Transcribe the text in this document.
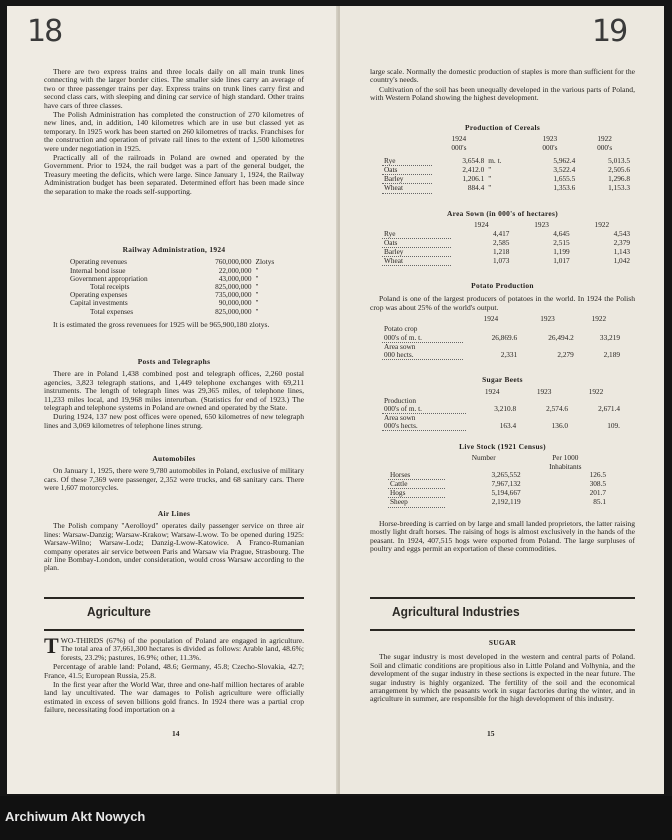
18

There are two express trains and three locals daily on all main trunk lines connecting with the larger border cities. The smaller side lines carry an average of two or three passenger trains per day. Express trains on trunk lines carry first and second class cars, with sleeping and dining car service of high standard. Other trains have cars of three classes.

The Polish Administration has completed the construction of 270 kilometres of new lines, and, in addition, 140 kilometres which are in use but classed yet as temporary. In 1925 work has been started on 260 kilometres of tracks. Franchises for the construction and operation of private rail lines to the extent of 1,500 kilometres were under negotiation in 1925.

Practically all of the railroads in Poland are owned and operated by the Government. Prior to 1924, the rail budget was a part of the general budget, the Treasury meeting the deficits, which were large. Since January 1, 1924, the Railway Administration budget has been separated. Determined effort has been made since the separation to make the roads self-supporting.

Railway Administration, 1924

Operating revenues	760,000,000	Zlotys
Internal bond issue	22,000,000	"
Government appropriation	43,000,000	"
Total receipts	825,000,000	"
Operating expenses	735,000,000	"
Capital investments	90,000,000	"
Total expenses	825,000,000	"

It is estimated the gross revenuees for 1925 will be 965,900,180 zlotys.

Posts and Telegraphs

There are in Poland 1,438 combined post and telegraph offices, 2,260 postal agencies, 3,823 telegraph stations, and 1,449 telephone exchanges with 69,211 instruments. The length of telegraph lines was 29,365 miles, of telephone lines, 11,233 miles local, and 19,968 miles interurban. (Statistics for end of 1923.) The telegraph and telephone systems in Poland are owned and operated by the State.

During 1924, 137 new post offices were opened, 650 kilometres of new telegraph lines and 3,069 kilometres of telephone lines strung.

Automobiles

On January 1, 1925, there were 9,780 automobiles in Poland, exclusive of military cars. Of these 7,369 were passenger, 2,352 were trucks, and 68 sanitary cars. There were 1,607 motorcycles.

Air Lines

The Polish company "Aerolloyd" operates daily passenger service on three air lines: Warsaw-Danzig; Warsaw-Krakow; Warsaw-Lwow. To be opened during 1925: Warsaw-Wilno; Warsaw-Lodz; Danzig-Lwow-Katowice. A Franco-Rumanian company operates air service between Paris and Warsaw via Prague, Strasbourg. The air line Bombay-London, under consideration, would cross Warsaw according to the plan.

Agriculture

TWO-THIRDS (67%) of the population of Poland are engaged in agriculture. The total area of 37,661,300 hectares is divided as follows: Arable land, 48.6%; forests, 23.2%; pastures, 16.9%; other, 11.3%.

Percentage of arable land: Poland, 48.6; Germany, 45.8; Czecho-Slovakia, 42.7; France, 41.5; European Russia, 25.8.

In the first year after the World War, three and one-half million hectares of arable land lay uncultivated. The war damages to Polish agriculture were officially estimated in excess of seven billions gold francs. In 1924 there was a partial crop failure, necessitating food importation on a

14
19

large scale. Normally the domestic production of staples is more than sufficient for the country's needs.

Cultivation of the soil has been unequally developed in the various parts of Poland, with Western Poland showing the highest development.

Production of Cereals

	1924		1923	1922
	000's		000's	000's

Rye	3,654.8	m. t.	5,962.4	5,013.5
Oats	2,412.0	"	3,522.4	2,505.6
Barley	1,206.1	"	1,655.5	1,296.8
Wheat	884.4	"	1,353.6	1,153.3

Area Sown (in 000's of hectares)

	1924	1923	1922
Rye	4,417	4,645	4,543
Oats	2,585	2,515	2,379
Barley	1,218	1,199	1,143
Wheat	1,073	1,017	1,042

Potato Production

Poland is one of the largest producers of potatoes in the world. In 1924 the Polish crop was about 25% of the world's output.

	1924	1923	1922

Potato crop			
000's of m. t.	26,869.6	26,494.2	33,219
Area sown			
000 hects.	2,331	2,279	2,189

Sugar Beets

	1924	1923	1922
Production			
000's of m. t.	3,210.8	2,574.6	2,671.4
Area sown			
000's hects.	163.4	136.0	109.

Live Stock (1921 Census)

	Number	Per 1000
		Inhabitants
Horses	3,265,552	126.5
Cattle	7,967,132	308.5
Hogs	5,194,667	201.7
Sheep	2,192,119	85.1

Horse-breeding is carried on by large and small landed proprietors, the latter raising mostly light draft horses. The raising of hogs is almost exclusively in the hands of the peasant. In 1924, 407,515 hogs were exported from Poland. The large surpluses of poultry and eggs permit an exportation of these commodities.

Agricultural Industries

SUGAR

The sugar industry is most developed in the western and central parts of Poland. Soil and climatic conditions are propitious also in Little Poland and Volhynia, and the development of the sugar industry in these sections is expected in the near future. The sugar industry is highly organized. The fertility of the soil and the economical arrangement by which the peasants work in sugar factories during the winter, and in agriculture in summer, are responsible for the high development of this industry.

15
Archiwum Akt Nowych
